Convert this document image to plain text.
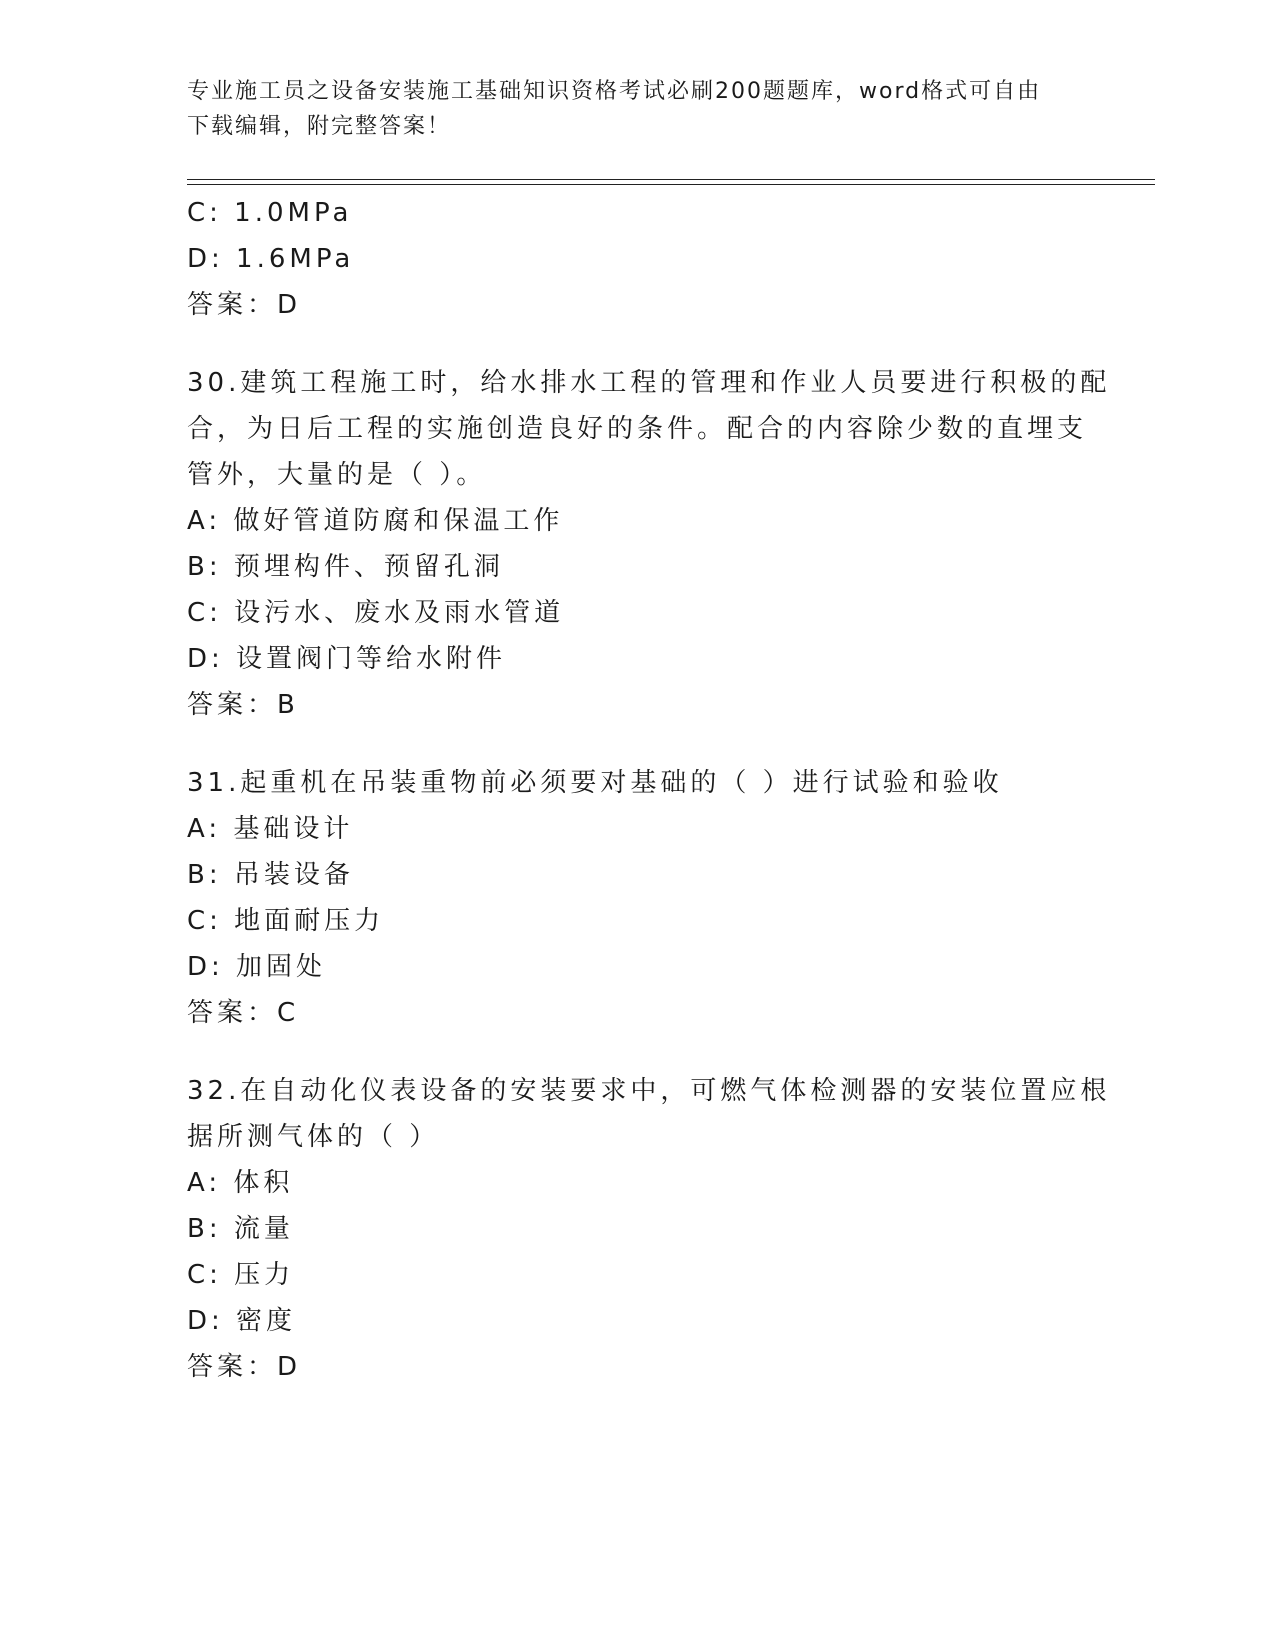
专业施工员之设备安装施工基础知识资格考试必刷200题题库，word格式可自由
下载编辑，附完整答案！
C: 1.0MPa
D: 1.6MPa
答案：D
30.建筑工程施工时，给水排水工程的管理和作业人员要进行积极的配
合，为日后工程的实施创造良好的条件。配合的内容除少数的直埋支
管外，大量的是（ ）。
A: 做好管道防腐和保温工作
B: 预埋构件、预留孔洞
C: 设污水、废水及雨水管道
D: 设置阀门等给水附件
答案：B
31.起重机在吊装重物前必须要对基础的（ ）进行试验和验收
A: 基础设计
B: 吊装设备
C: 地面耐压力
D: 加固处
答案：C
32.在自动化仪表设备的安装要求中，可燃气体检测器的安装位置应根
据所测气体的（ ）
A: 体积
B: 流量
C: 压力
D: 密度
答案：D
